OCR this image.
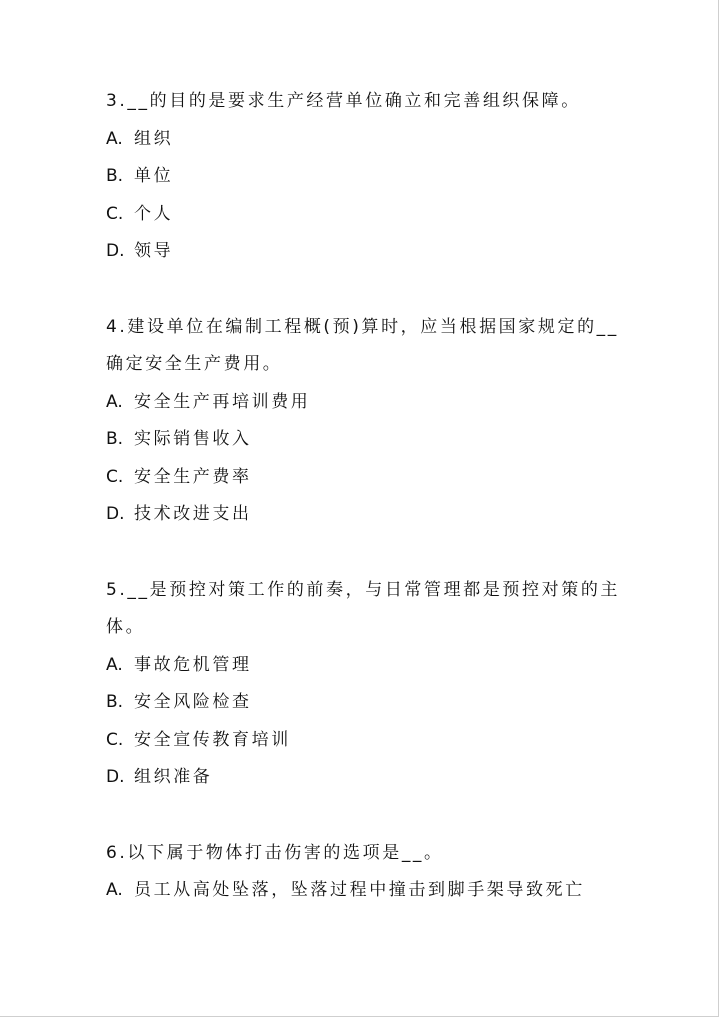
3.__的目的是要求生产经营单位确立和完善组织保障。
A. 组织
B. 单位
C. 个人
D. 领导
4.建设单位在编制工程概(预)算时，应当根据国家规定的__
确定安全生产费用。
A. 安全生产再培训费用
B. 实际销售收入
C. 安全生产费率
D. 技术改进支出
5.__是预控对策工作的前奏，与日常管理都是预控对策的主
体。
A. 事故危机管理
B. 安全风险检查
C. 安全宣传教育培训
D. 组织准备
6.以下属于物体打击伤害的选项是__。
A. 员工从高处坠落，坠落过程中撞击到脚手架导致死亡
